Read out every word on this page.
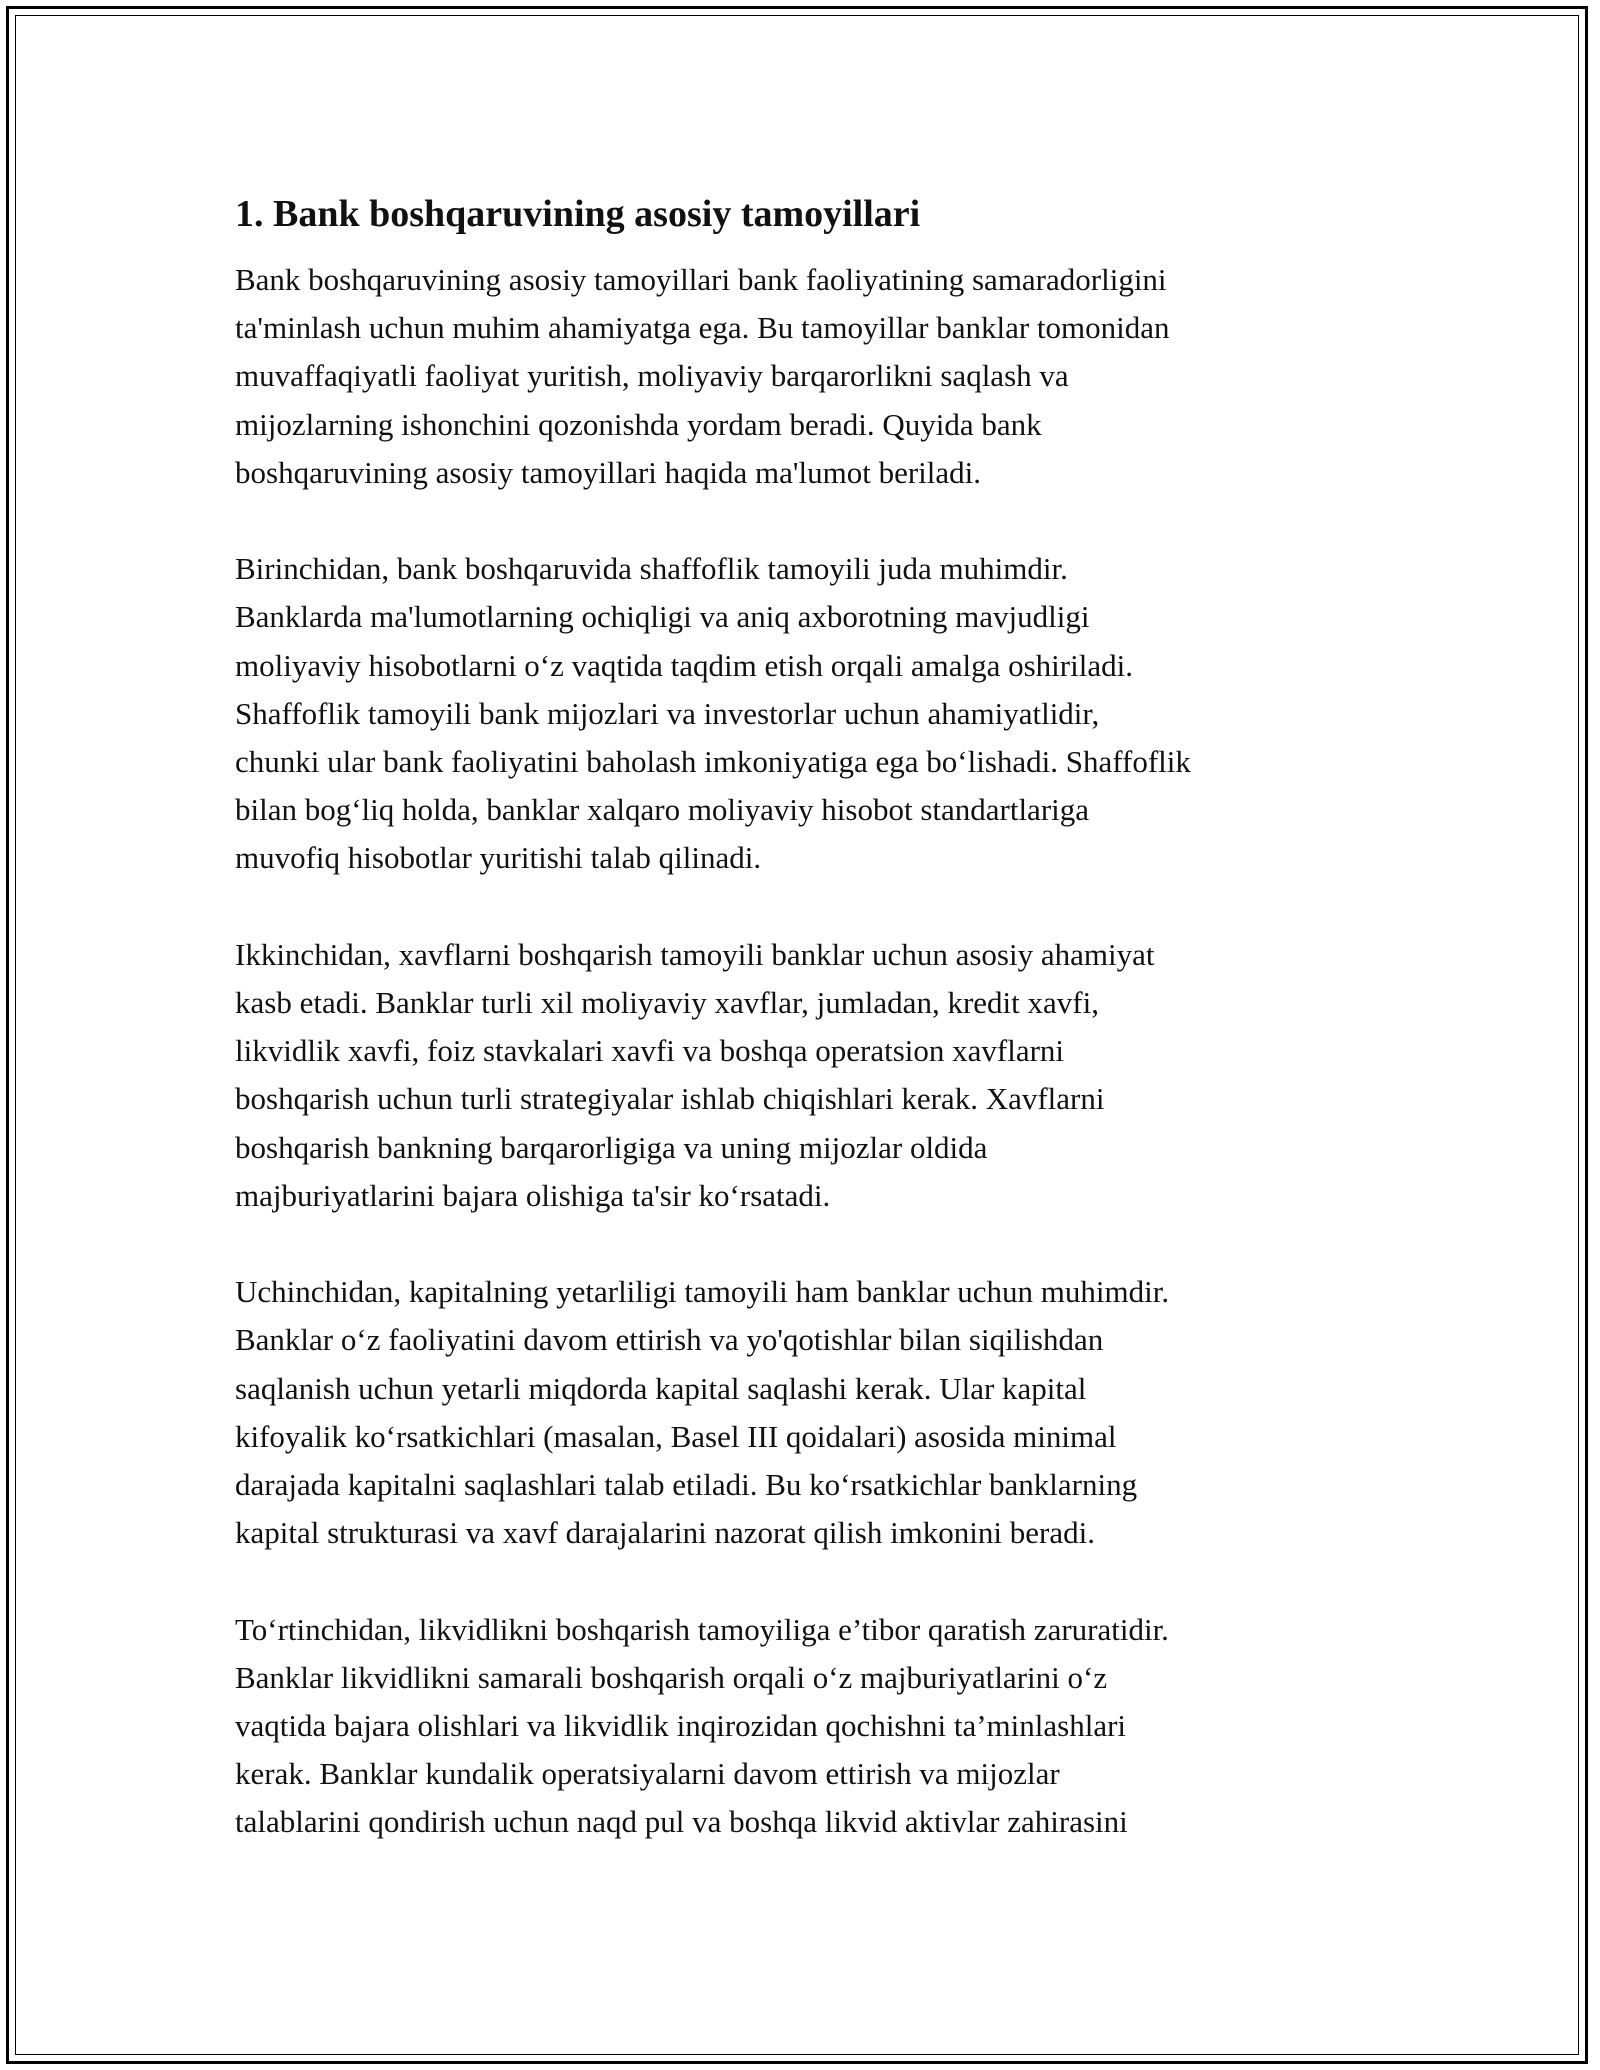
1. Bank boshqaruvining asosiy tamoyillari

Bank boshqaruvining asosiy tamoyillari bank faoliyatining samaradorligini
ta'minlash uchun muhim ahamiyatga ega. Bu tamoyillar banklar tomonidan
muvaffaqiyatli faoliyat yuritish, moliyaviy barqarorlikni saqlash va
mijozlarning ishonchini qozonishda yordam beradi. Quyida bank
boshqaruvining asosiy tamoyillari haqida ma'lumot beriladi.

Birinchidan, bank boshqaruvida shaffoflik tamoyili juda muhimdir.
Banklarda ma'lumotlarning ochiqligi va aniq axborotning mavjudligi
moliyaviy hisobotlarni o‘z vaqtida taqdim etish orqali amalga oshiriladi.
Shaffoflik tamoyili bank mijozlari va investorlar uchun ahamiyatlidir,
chunki ular bank faoliyatini baholash imkoniyatiga ega bo‘lishadi. Shaffoflik
bilan bog‘liq holda, banklar xalqaro moliyaviy hisobot standartlariga
muvofiq hisobotlar yuritishi talab qilinadi.

Ikkinchidan, xavflarni boshqarish tamoyili banklar uchun asosiy ahamiyat
kasb etadi. Banklar turli xil moliyaviy xavflar, jumladan, kredit xavfi,
likvidlik xavfi, foiz stavkalari xavfi va boshqa operatsion xavflarni
boshqarish uchun turli strategiyalar ishlab chiqishlari kerak. Xavflarni
boshqarish bankning barqarorligiga va uning mijozlar oldida
majburiyatlarini bajara olishiga ta'sir ko‘rsatadi.

Uchinchidan, kapitalning yetarliligi tamoyili ham banklar uchun muhimdir.
Banklar o‘z faoliyatini davom ettirish va yo'qotishlar bilan siqilishdan
saqlanish uchun yetarli miqdorda kapital saqlashi kerak. Ular kapital
kifoyalik ko‘rsatkichlari (masalan, Basel III qoidalari) asosida minimal
darajada kapitalni saqlashlari talab etiladi. Bu ko‘rsatkichlar banklarning
kapital strukturasi va xavf darajalarini nazorat qilish imkonini beradi.

To‘rtinchidan, likvidlikni boshqarish tamoyiliga e’tibor qaratish zaruratidir.
Banklar likvidlikni samarali boshqarish orqali o‘z majburiyatlarini o‘z
vaqtida bajara olishlari va likvidlik inqirozidan qochishni ta’minlashlari
kerak. Banklar kundalik operatsiyalarni davom ettirish va mijozlar
talablarini qondirish uchun naqd pul va boshqa likvid aktivlar zahirasini
